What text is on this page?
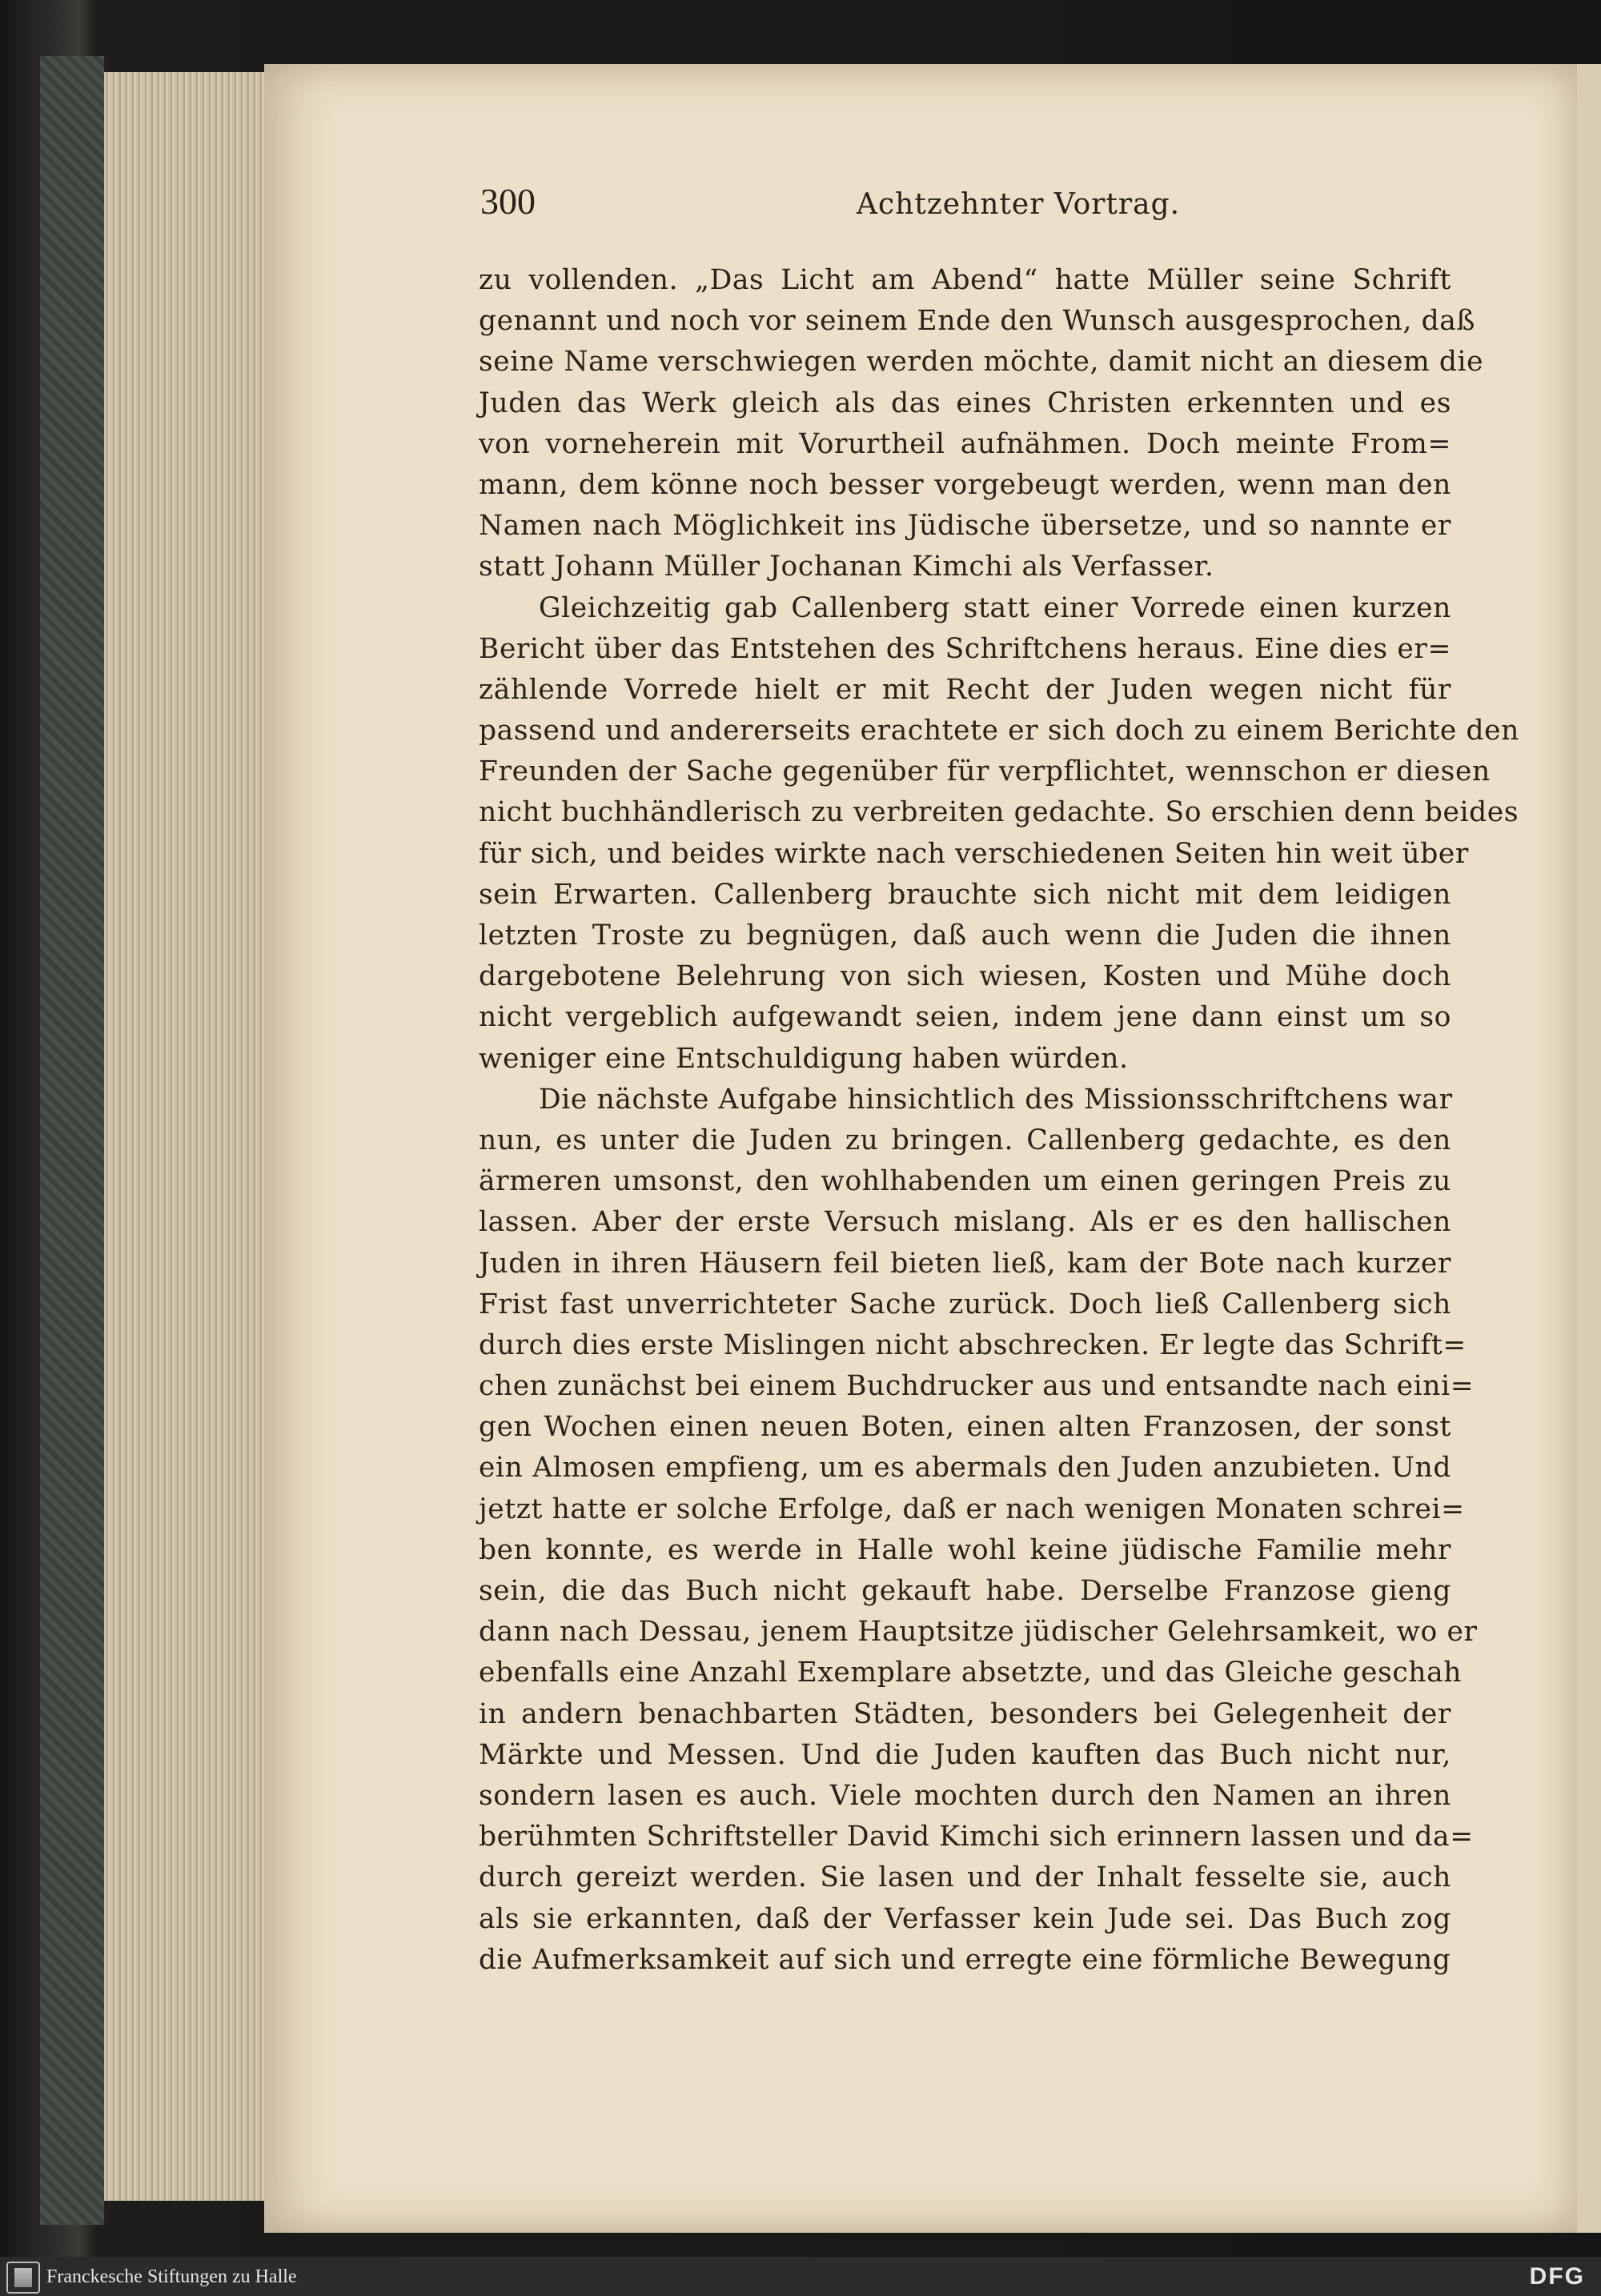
300	Achtzehnter Vortrag.
zu vollenden. „Das Licht am Abend“ hatte Müller seine Schrift
genannt und noch vor seinem Ende den Wunsch ausgesprochen, daß
seine Name verschwiegen werden möchte, damit nicht an diesem die
Juden das Werk gleich als das eines Christen erkennten und es
von vorneherein mit Vorurtheil aufnähmen. Doch meinte From=
mann, dem könne noch besser vorgebeugt werden, wenn man den
Namen nach Möglichkeit ins Jüdische übersetze, und so nannte er
statt Johann Müller Jochanan Kimchi als Verfasser.
Gleichzeitig gab Callenberg statt einer Vorrede einen kurzen
Bericht über das Entstehen des Schriftchens heraus. Eine dies er=
zählende Vorrede hielt er mit Recht der Juden wegen nicht für
passend und andererseits erachtete er sich doch zu einem Berichte den
Freunden der Sache gegenüber für verpflichtet, wennschon er diesen
nicht buchhändlerisch zu verbreiten gedachte. So erschien denn beides
für sich, und beides wirkte nach verschiedenen Seiten hin weit über
sein Erwarten. Callenberg brauchte sich nicht mit dem leidigen
letzten Troste zu begnügen, daß auch wenn die Juden die ihnen
dargebotene Belehrung von sich wiesen, Kosten und Mühe doch
nicht vergeblich aufgewandt seien, indem jene dann einst um so
weniger eine Entschuldigung haben würden.
Die nächste Aufgabe hinsichtlich des Missionsschriftchens war
nun, es unter die Juden zu bringen. Callenberg gedachte, es den
ärmeren umsonst, den wohlhabenden um einen geringen Preis zu
lassen. Aber der erste Versuch mislang. Als er es den hallischen
Juden in ihren Häusern feil bieten ließ, kam der Bote nach kurzer
Frist fast unverrichteter Sache zurück. Doch ließ Callenberg sich
durch dies erste Mislingen nicht abschrecken. Er legte das Schrift=
chen zunächst bei einem Buchdrucker aus und entsandte nach eini=
gen Wochen einen neuen Boten, einen alten Franzosen, der sonst
ein Almosen empfieng, um es abermals den Juden anzubieten. Und
jetzt hatte er solche Erfolge, daß er nach wenigen Monaten schrei=
ben konnte, es werde in Halle wohl keine jüdische Familie mehr
sein, die das Buch nicht gekauft habe. Derselbe Franzose gieng
dann nach Dessau, jenem Hauptsitze jüdischer Gelehrsamkeit, wo er
ebenfalls eine Anzahl Exemplare absetzte, und das Gleiche geschah
in andern benachbarten Städten, besonders bei Gelegenheit der
Märkte und Messen. Und die Juden kauften das Buch nicht nur,
sondern lasen es auch. Viele mochten durch den Namen an ihren
berühmten Schriftsteller David Kimchi sich erinnern lassen und da=
durch gereizt werden. Sie lasen und der Inhalt fesselte sie, auch
als sie erkannten, daß der Verfasser kein Jude sei. Das Buch zog
die Aufmerksamkeit auf sich und erregte eine förmliche Bewegung
Franckesche Stiftungen zu Halle	DFG
